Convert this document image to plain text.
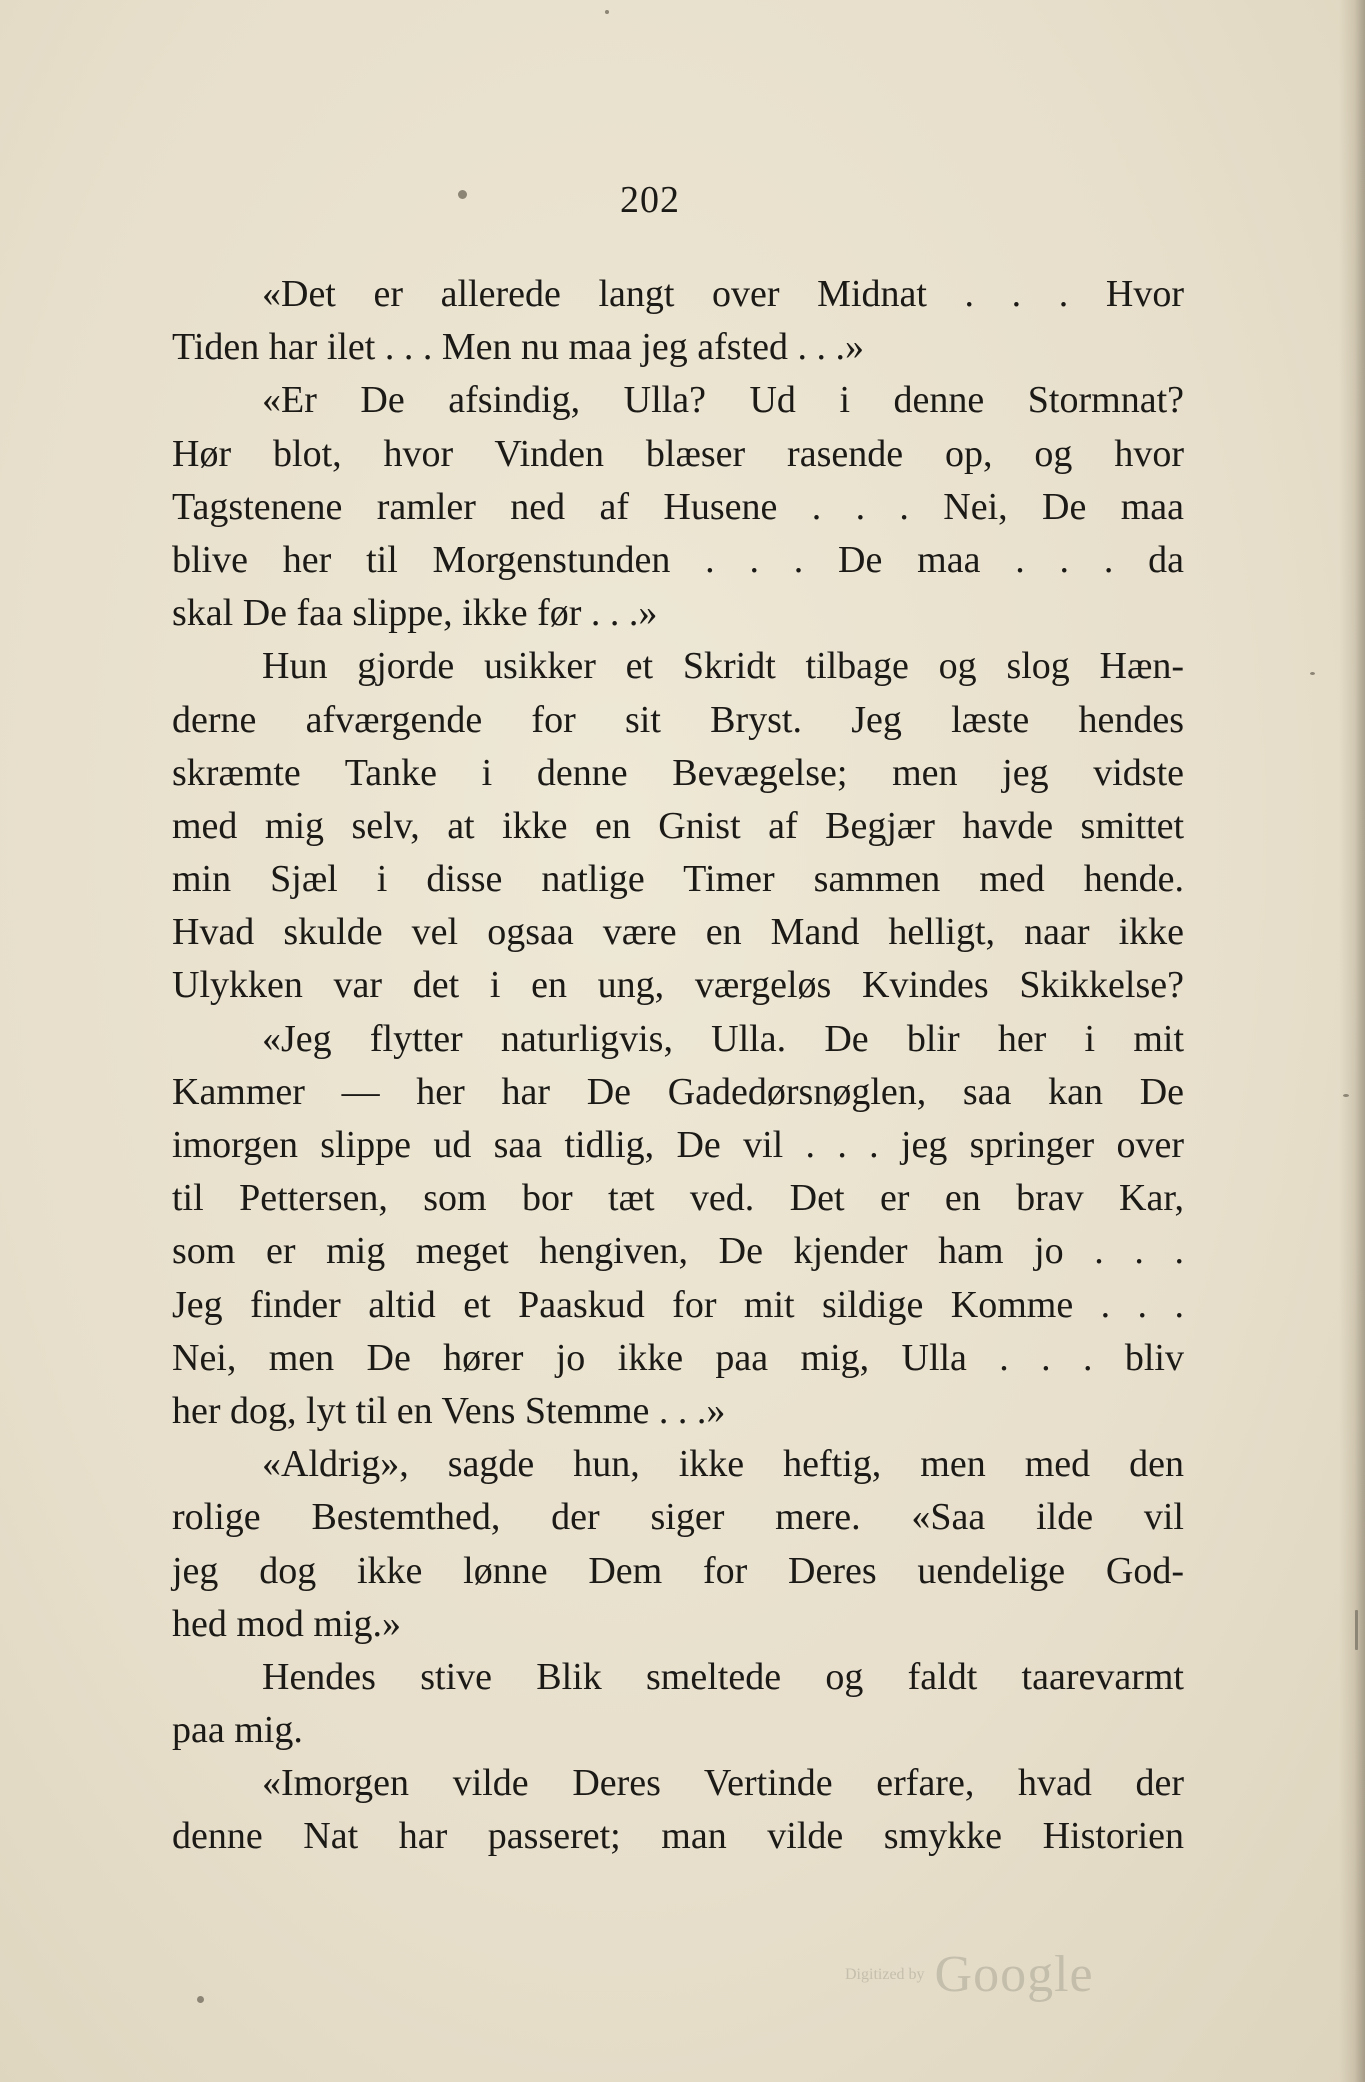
202
«Det er allerede langt over Midnat . . . Hvor
Tiden har ilet . . . Men nu maa jeg afsted . . .»
«Er De afsindig, Ulla? Ud i denne Stormnat?
Hør blot, hvor Vinden blæser rasende op, og hvor
Tagstenene ramler ned af Husene . . . Nei, De maa
blive her til Morgenstunden . . . De maa . . . da
skal De faa slippe, ikke før . . .»
Hun gjorde usikker et Skridt tilbage og slog Hæn-
derne afværgende for sit Bryst. Jeg læste hendes
skræmte Tanke i denne Bevægelse; men jeg vidste
med mig selv, at ikke en Gnist af Begjær havde smittet
min Sjæl i disse natlige Timer sammen med hende.
Hvad skulde vel ogsaa være en Mand helligt, naar ikke
Ulykken var det i en ung, værgeløs Kvindes Skikkelse?
«Jeg flytter naturligvis, Ulla. De blir her i mit
Kammer — her har De Gadedørsnøglen, saa kan De
imorgen slippe ud saa tidlig, De vil . . . jeg springer over
til Pettersen, som bor tæt ved. Det er en brav Kar,
som er mig meget hengiven, De kjender ham jo . . .
Jeg finder altid et Paaskud for mit sildige Komme . . .
Nei, men De hører jo ikke paa mig, Ulla . . . bliv
her dog, lyt til en Vens Stemme . . .»
«Aldrig», sagde hun, ikke heftig, men med den
rolige Bestemthed, der siger mere. «Saa ilde vil
jeg dog ikke lønne Dem for Deres uendelige God-
hed mod mig.»
Hendes stive Blik smeltede og faldt taarevarmt
paa mig.
«Imorgen vilde Deres Vertinde erfare, hvad der
denne Nat har passeret; man vilde smykke Historien
Digitized by Google
